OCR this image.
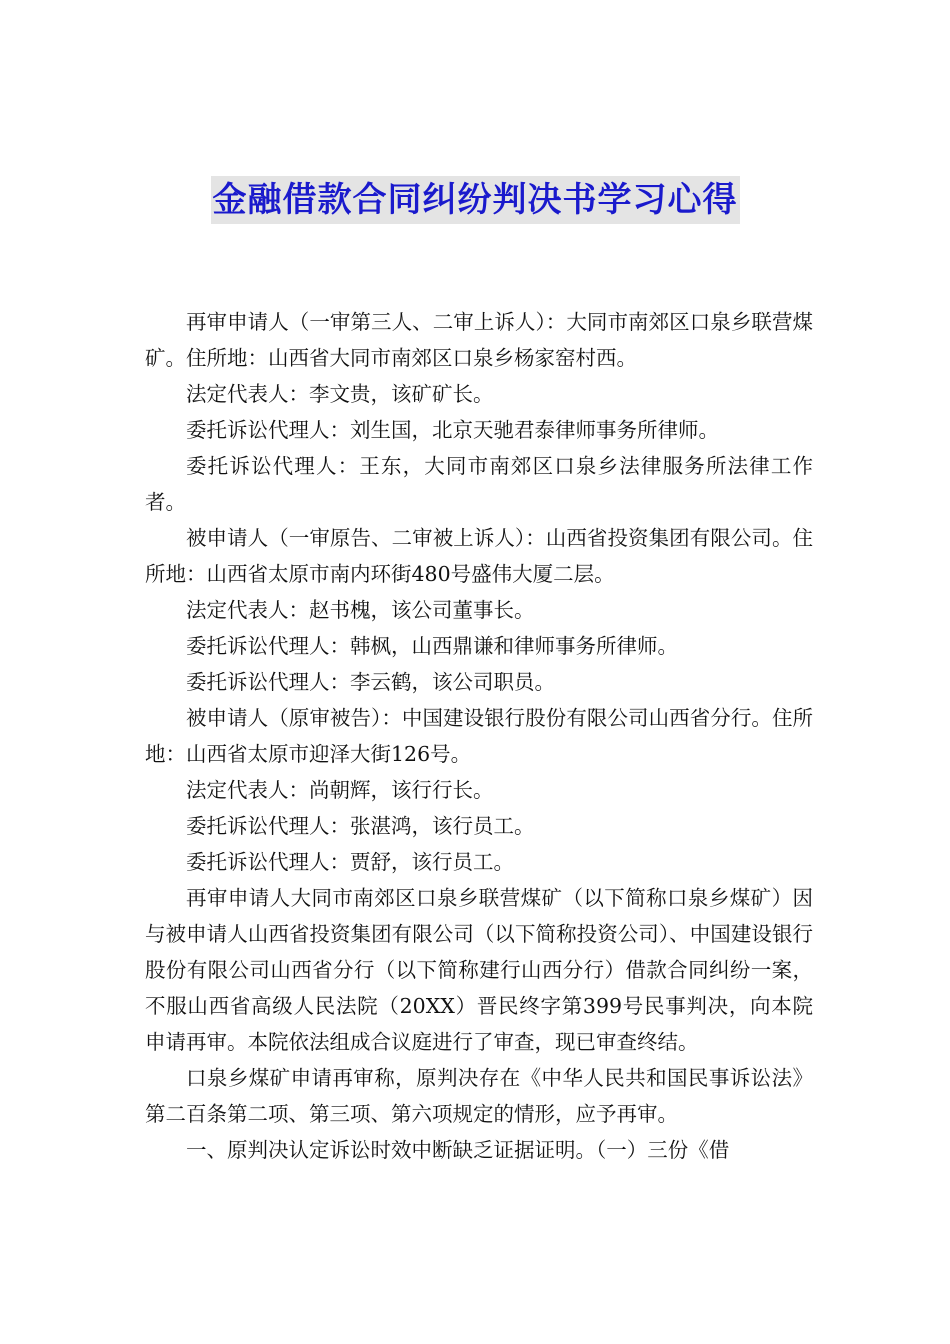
金融借款合同纠纷判决书学习心得

再审申请人（一审第三人、二审上诉人）：大同市南郊区口泉乡联营煤矿。住所地：山西省大同市南郊区口泉乡杨家窑村西。

法定代表人：李文贵，该矿矿长。

委托诉讼代理人：刘生国，北京天驰君泰律师事务所律师。

委托诉讼代理人：王东，大同市南郊区口泉乡法律服务所法律工作者。

被申请人（一审原告、二审被上诉人）：山西省投资集团有限公司。住所地：山西省太原市南内环街480号盛伟大厦二层。

法定代表人：赵书槐，该公司董事长。

委托诉讼代理人：韩枫，山西鼎谦和律师事务所律师。

委托诉讼代理人：李云鹤，该公司职员。

被申请人（原审被告）：中国建设银行股份有限公司山西省分行。住所地：山西省太原市迎泽大街126号。

法定代表人：尚朝辉，该行行长。

委托诉讼代理人：张湛鸿，该行员工。

委托诉讼代理人：贾舒，该行员工。

再审申请人大同市南郊区口泉乡联营煤矿（以下简称口泉乡煤矿）因与被申请人山西省投资集团有限公司（以下简称投资公司）、中国建设银行股份有限公司山西省分行（以下简称建行山西分行）借款合同纠纷一案，不服山西省高级人民法院（20XX）晋民终字第399号民事判决，向本院申请再审。本院依法组成合议庭进行了审查，现已审查终结。

口泉乡煤矿申请再审称，原判决存在《中华人民共和国民事诉讼法》第二百条第二项、第三项、第六项规定的情形，应予再审。

一、原判决认定诉讼时效中断缺乏证据证明。（一）三份《借
